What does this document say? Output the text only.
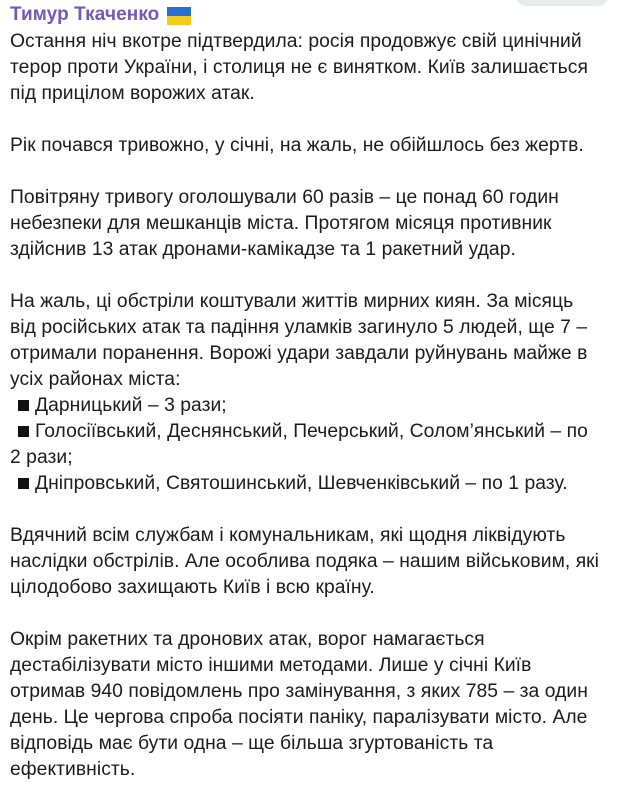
Тимур Ткаченко
Остання ніч вкотре підтвердила: росія продовжує свій цинічний
терор проти України, і столиця не є винятком. Київ залишається
під прицілом ворожих атак.
Рік почався тривожно, у січні, на жаль, не обійшлось без жертв.
Повітряну тривогу оголошували 60 разів – це понад 60 годин
небезпеки для мешканців міста. Протягом місяця противник
здійснив 13 атак дронами-камікадзе та 1 ракетний удар.
На жаль, ці обстріли коштували життів мирних киян. За місяць
від російських атак та падіння уламків загинуло 5 людей, ще 7 –
отримали поранення. Ворожі удари завдали руйнувань майже в
усіх районах міста:
Дарницький – 3 рази;
Голосіївський, Деснянський, Печерський, Солом’янський – по
2 рази;
Дніпровський, Святошинський, Шевченківський – по 1 разу.
Вдячний всім службам і комунальникам, які щодня ліквідують
наслідки обстрілів. Але особлива подяка – нашим військовим, які
цілодобово захищають Київ і всю країну.
Окрім ракетних та дронових атак, ворог намагається
дестабілізувати місто іншими методами. Лише у січні Київ
отримав 940 повідомлень про замінування, з яких 785 – за один
день. Це чергова спроба посіяти паніку, паралізувати місто. Але
відповідь має бути одна – ще більша згуртованість та
ефективність.
